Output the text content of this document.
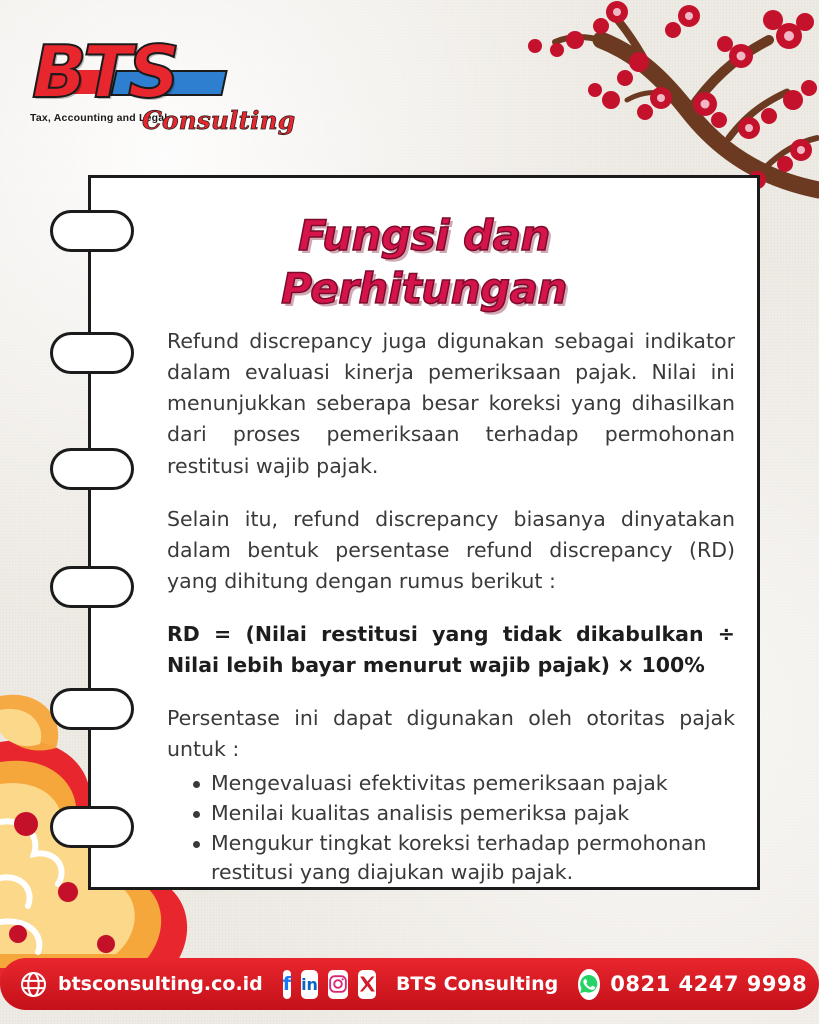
Fungsi dan
Perhitungan

Refund discrepancy juga digunakan sebagai indikator dalam evaluasi kinerja pemeriksaan pajak. Nilai ini menunjukkan seberapa besar koreksi yang dihasilkan dari proses pemeriksaan terhadap permohonan restitusi wajib pajak.

Selain itu, refund discrepancy biasanya dinyatakan dalam bentuk persentase refund discrepancy (RD) yang dihitung dengan rumus berikut :

RD = (Nilai restitusi yang tidak dikabulkan ÷ Nilai lebih bayar menurut wajib pajak) × 100%

Persentase ini dapat digunakan oleh otoritas pajak untuk :

Mengevaluasi efektivitas pemeriksaan pajak
Menilai kualitas analisis pemeriksa pajak
Mengukur tingkat koreksi terhadap permohonan restitusi yang diajukan wajib pajak.
BTS
Tax, Accounting and Legal
Consulting
btsconsulting.co.id f in	BTS Consulting 0821 4247 9998
